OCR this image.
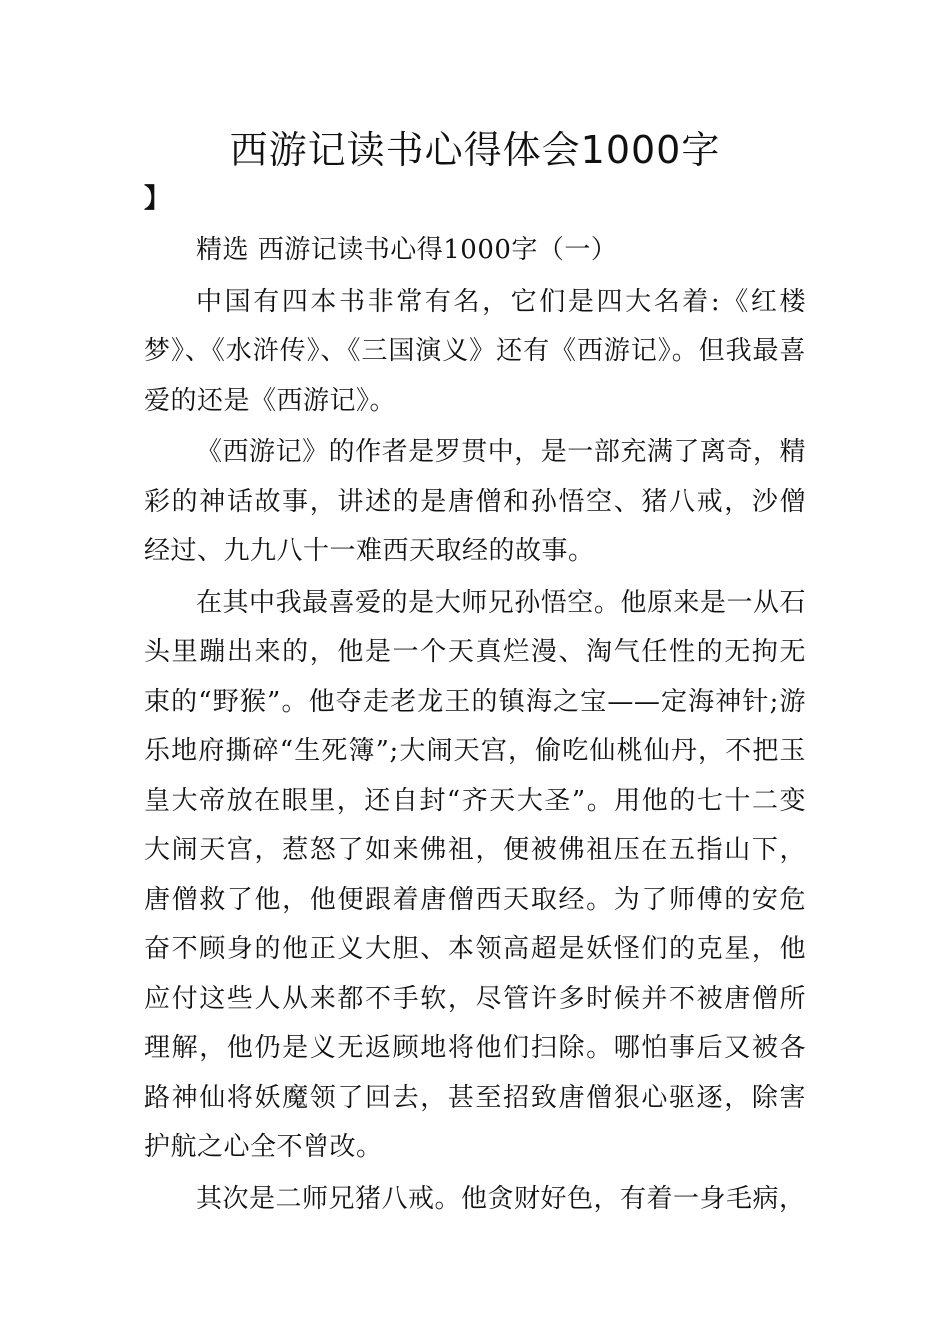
西游记读书心得体会1000字
】

精选 西游记读书心得1000字（一）

中国有四本书非常有名，它们是四大名着:《红楼梦》、《水浒传》、《三国演义》还有《西游记》。但我最喜爱的还是《西游记》。

《西游记》的作者是罗贯中，是一部充满了离奇，精彩的神话故事，讲述的是唐僧和孙悟空、猪八戒，沙僧经过、九九八十一难西天取经的故事。

在其中我最喜爱的是大师兄孙悟空。他原来是一从石头里蹦出来的，他是一个天真烂漫、淘气任性的无拘无束的“野猴”。他夺走老龙王的镇海之宝——定海神针;游乐地府撕碎“生死簿”;大闹天宫，偷吃仙桃仙丹，不把玉皇大帝放在眼里，还自封“齐天大圣”。用他的七十二变大闹天宫，惹怒了如来佛祖，便被佛祖压在五指山下，唐僧救了他，他便跟着唐僧西天取经。为了师傅的安危奋不顾身的他正义大胆、本领高超是妖怪们的克星，他应付这些人从来都不手软，尽管许多时候并不被唐僧所理解，他仍是义无返顾地将他们扫除。哪怕事后又被各路神仙将妖魔领了回去，甚至招致唐僧狠心驱逐，除害护航之心全不曾改。

其次是二师兄猪八戒。他贪财好色，有着一身毛病，
